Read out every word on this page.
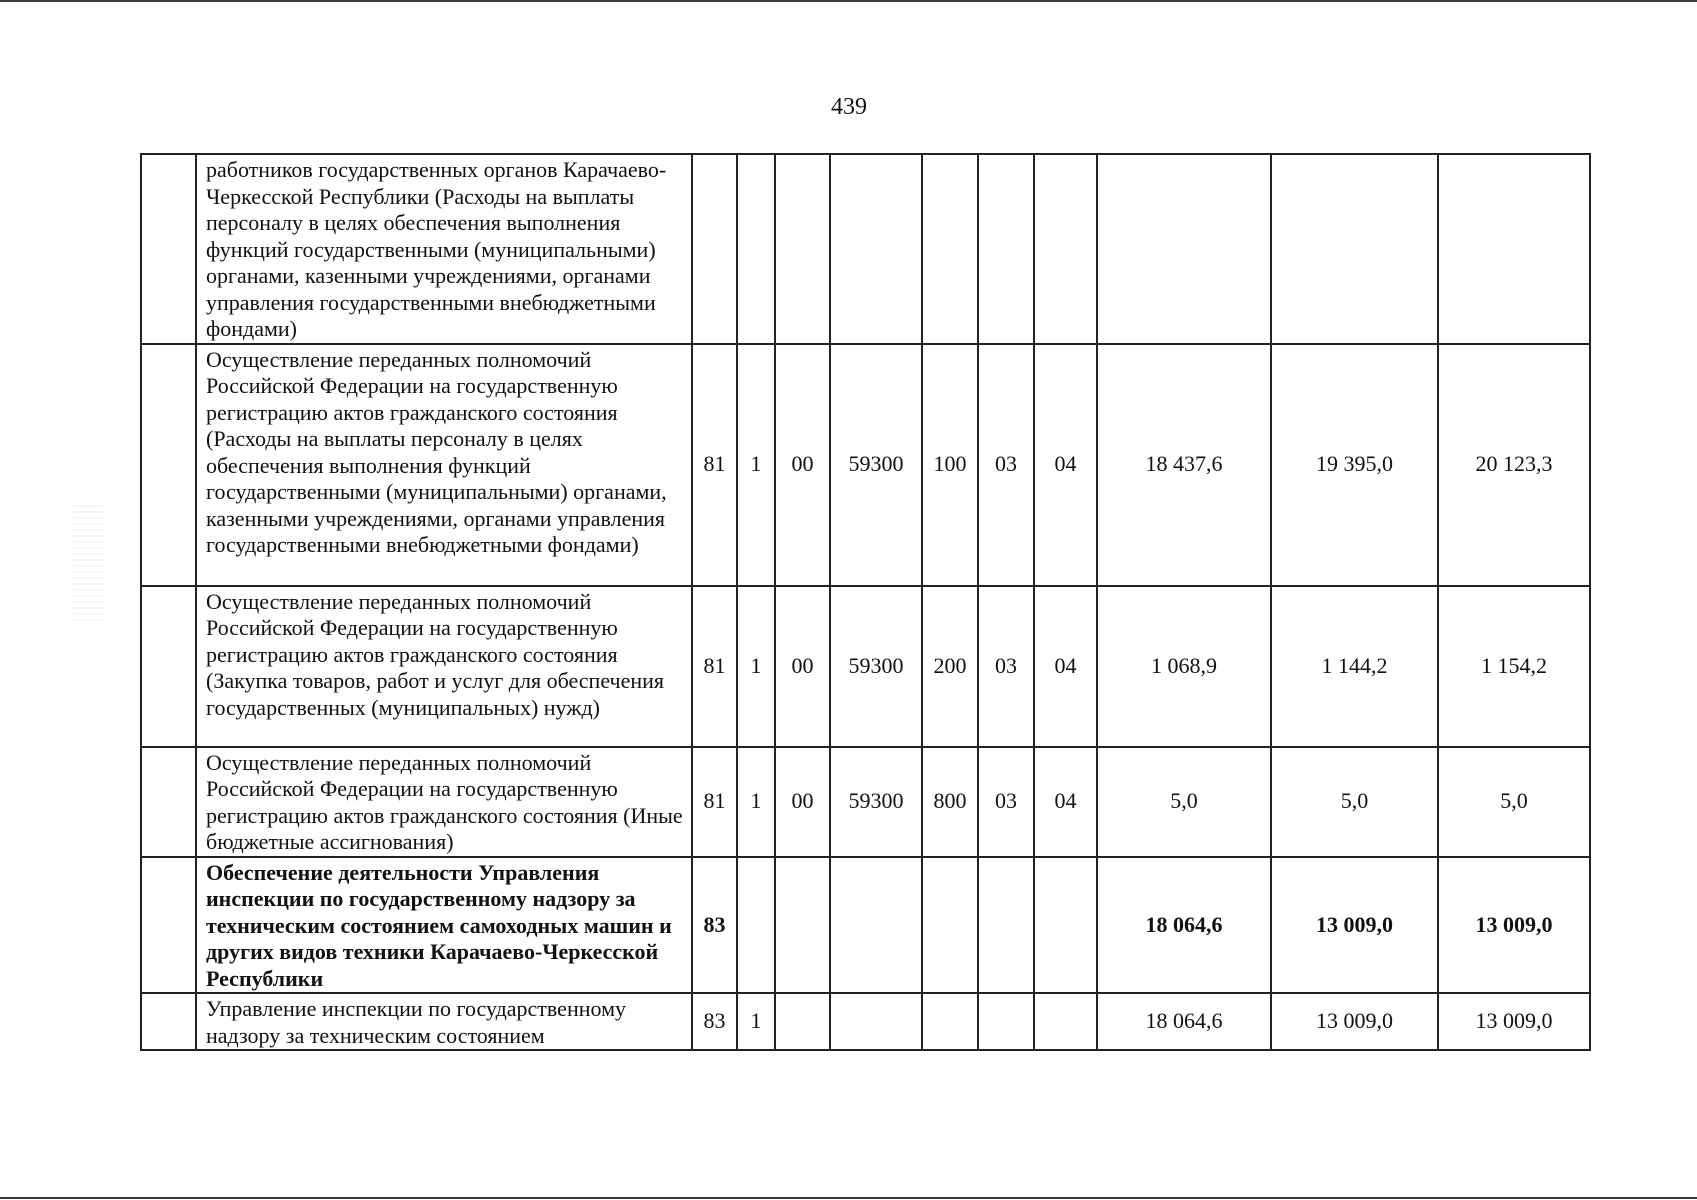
439
	работников государственных органов Карачаево-Черкесской Республики (Расходы на выплаты персоналу в целях обеспечения выполнения функций государственными (муниципальными) органами, казенными учреждениями, органами управления государственными внебюджетными фондами)										
	Осуществление переданных полномочий Российской Федерации на государственную регистрацию актов гражданского состояния (Расходы на выплаты персоналу в целях обеспечения выполнения функций государственными (муниципальными) органами, казенными учреждениями, органами управления государственными внебюджетными фондами)	81	1	00	59300	100	03	04	18 437,6	19 395,0	20 123,3
	Осуществление переданных полномочий Российской Федерации на государственную регистрацию актов гражданского состояния (Закупка товаров, работ и услуг для обеспечения государственных (муниципальных) нужд)	81	1	00	59300	200	03	04	1 068,9	1 144,2	1 154,2
	Осуществление переданных полномочий Российской Федерации на государственную регистрацию актов гражданского состояния (Иные бюджетные ассигнования)	81	1	00	59300	800	03	04	5,0	5,0	5,0
	Обеспечение деятельности Управления инспекции по государственному надзору за техническим состоянием самоходных машин и других видов техники Карачаево-Черкесской Республики	83							18 064,6	13 009,0	13 009,0
	Управление инспекции по государственному надзору за техническим состоянием	83	1						18 064,6	13 009,0	13 009,0
